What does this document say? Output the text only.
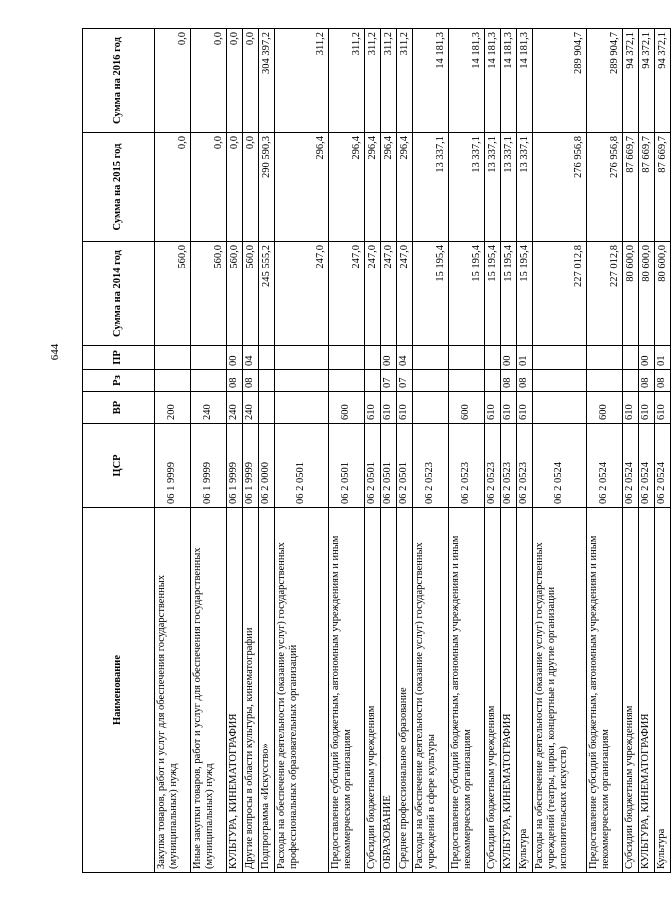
644
Наименование	ЦСР	ВР	Рз	ПР	Сумма на 2014 год	Сумма на 2015 год	Сумма на 2016 год
Закупка товаров, работ и услуг для обеспечения государственных (муниципальных) нужд	06 1 9999	200			560,0	0,0	0,0
Иные закупки товаров, работ и услуг для обеспечения государственных (муниципальных) нужд	06 1 9999	240			560,0	0,0	0,0
КУЛЬТУРА, КИНЕМАТОГРАФИЯ	06 1 9999	240	08	00	560,0	0,0	0,0
Другие вопросы в области культуры, кинематографии	06 1 9999	240	08	04	560,0	0,0	0,0
Подпрограмма «Искусство»	06 2 0000				245 555,2	290 590,3	304 397,2
Расходы на обеспечение деятельности (оказание услуг) государственных профессиональных образовательных организаций	06 2 0501				247,0	296,4	311,2
Предоставление субсидий бюджетным, автономным учреждениям и иным некоммерческим организациям	06 2 0501	600			247,0	296,4	311,2
Субсидии бюджетным учреждениям	06 2 0501	610			247,0	296,4	311,2
ОБРАЗОВАНИЕ	06 2 0501	610	07	00	247,0	296,4	311,2
Среднее профессиональное образование	06 2 0501	610	07	04	247,0	296,4	311,2
Расходы на обеспечение деятельности (оказание услуг) государственных учреждений в сфере культуры	06 2 0523				15 195,4	13 337,1	14 181,3
Предоставление субсидий бюджетным, автономным учреждениям и иным некоммерческим организациям	06 2 0523	600			15 195,4	13 337,1	14 181,3
Субсидии бюджетным учреждениям	06 2 0523	610			15 195,4	13 337,1	14 181,3
КУЛЬТУРА, КИНЕМАТОГРАФИЯ	06 2 0523	610	08	00	15 195,4	13 337,1	14 181,3
Культура	06 2 0523	610	08	01	15 195,4	13 337,1	14 181,3
Расходы на обеспечение деятельности (оказание услуг) государственных учреждений (театры, цирки, концертные и другие организации исполнительских искусств)	06 2 0524				227 012,8	276 956,8	289 904,7
Предоставление субсидий бюджетным, автономным учреждениям и иным некоммерческим организациям	06 2 0524	600			227 012,8	276 956,8	289 904,7
Субсидии бюджетным учреждениям	06 2 0524	610			80 600,0	87 669,7	94 372,1
КУЛЬТУРА, КИНЕМАТОГРАФИЯ	06 2 0524	610	08	00	80 600,0	87 669,7	94 372,1
Культура	06 2 0524	610	08	01	80 600,0	87 669,7	94 372,1
